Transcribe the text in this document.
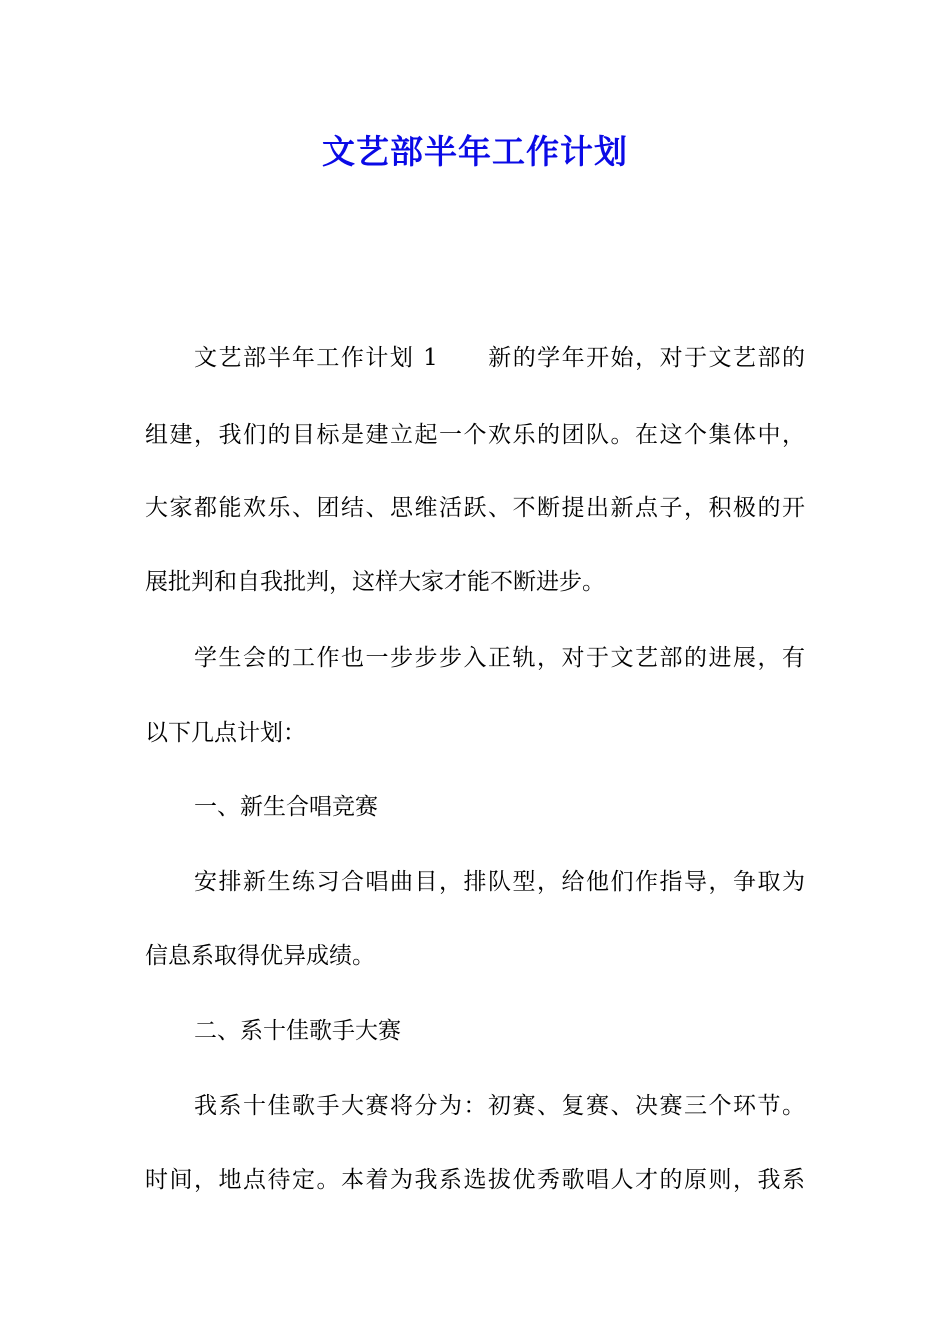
文艺部半年工作计划
文艺部半年工作计划 1　　新的学年开始，对于文艺部的
组建，我们的目标是建立起一个欢乐的团队。在这个集体中，
大家都能欢乐、团结、思维活跃、不断提出新点子，积极的开
展批判和自我批判，这样大家才能不断进步。
学生会的工作也一步步步入正轨，对于文艺部的进展，有
以下几点计划：
一、新生合唱竞赛
安排新生练习合唱曲目，排队型，给他们作指导，争取为
信息系取得优异成绩。
二、系十佳歌手大赛
我系十佳歌手大赛将分为：初赛、复赛、决赛三个环节。
时间，地点待定。本着为我系选拔优秀歌唱人才的原则，我系
